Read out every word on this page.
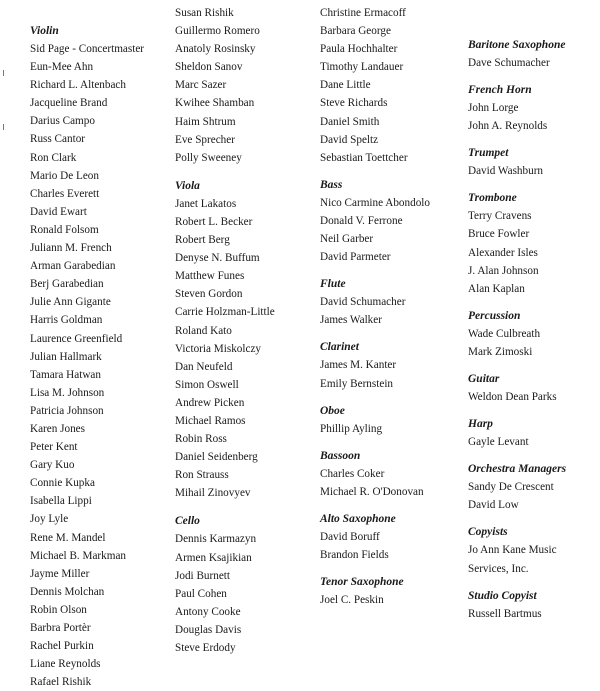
Violin
Sid Page - Concertmaster
Eun-Mee Ahn
Richard L. Altenbach
Jacqueline Brand
Darius Campo
Russ Cantor
Ron Clark
Mario De Leon
Charles Everett
David Ewart
Ronald Folsom
Juliann M. French
Arman Garabedian
Berj Garabedian
Julie Ann Gigante
Harris Goldman
Laurence Greenfield
Julian Hallmark
Tamara Hatwan
Lisa M. Johnson
Patricia Johnson
Karen Jones
Peter Kent
Gary Kuo
Connie Kupka
Isabella Lippi
Joy Lyle
Rene M. Mandel
Michael B. Markman
Jayme Miller
Dennis Molchan
Robin Olson
Barbra Portèr
Rachel Purkin
Liane Reynolds
Rafael Rishik
Susan Rishik
Guillermo Romero
Anatoly Rosinsky
Sheldon Sanov
Marc Sazer
Kwihee Shamban
Haim Shtrum
Eve Sprecher
Polly Sweeney
Viola
Janet Lakatos
Robert L. Becker
Robert Berg
Denyse N. Buffum
Matthew Funes
Steven Gordon
Carrie Holzman-Little
Roland Kato
Victoria Miskolczy
Dan Neufeld
Simon Oswell
Andrew Picken
Michael Ramos
Robin Ross
Daniel Seidenberg
Ron Strauss
Mihail Zinovyev
Cello
Dennis Karmazyn
Armen Ksajikian
Jodi Burnett
Paul Cohen
Antony Cooke
Douglas Davis
Steve Erdody
Christine Ermacoff
Barbara George
Paula Hochhalter
Timothy Landauer
Dane Little
Steve Richards
Daniel Smith
David Speltz
Sebastian Toettcher
Bass
Nico Carmine Abondolo
Donald V. Ferrone
Neil Garber
David Parmeter
Flute
David Schumacher
James Walker
Clarinet
James M. Kanter
Emily Bernstein
Oboe
Phillip Ayling
Bassoon
Charles Coker
Michael R. O'Donovan
Alto Saxophone
David Boruff
Brandon Fields
Tenor Saxophone
Joel C. Peskin
Baritone Saxophone
Dave Schumacher
French Horn
John Lorge
John A. Reynolds
Trumpet
David Washburn
Trombone
Terry Cravens
Bruce Fowler
Alexander Isles
J. Alan Johnson
Alan Kaplan
Percussion
Wade Culbreath
Mark Zimoski
Guitar
Weldon Dean Parks
Harp
Gayle Levant
Orchestra Managers
Sandy De Crescent
David Low
Copyists
Jo Ann Kane Music
Services, Inc.
Studio Copyist
Russell Bartmus
